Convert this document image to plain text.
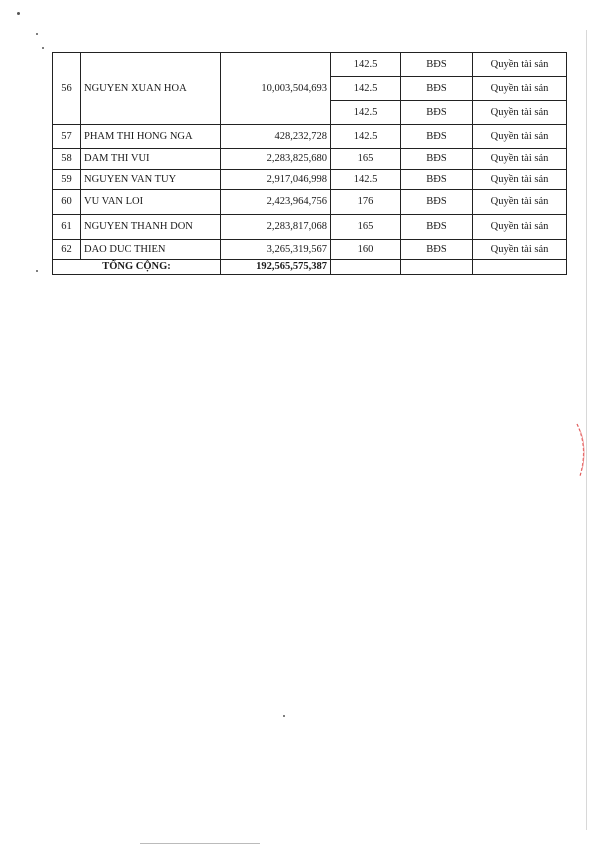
56	NGUYEN XUAN HOA	10,003,504,693	142.5	BĐS	Quyền tài sản
			142.5	BĐS	Quyền tài sản
			142.5	BĐS	Quyền tài sản
57	PHAM THI HONG NGA	428,232,728	142.5	BĐS	Quyền tài sản
58	DAM THI VUI	2,283,825,680	165	BĐS	Quyền tài sản
59	NGUYEN VAN TUY	2,917,046,998	142.5	BĐS	Quyền tài sản
60	VU VAN LOI	2,423,964,756	176	BĐS	Quyền tài sản
61	NGUYEN THANH DON	2,283,817,068	165	BĐS	Quyền tài sản
62	DAO DUC THIEN	3,265,319,567	160	BĐS	Quyền tài sản
TỔNG CỘNG:		192,565,575,387			
